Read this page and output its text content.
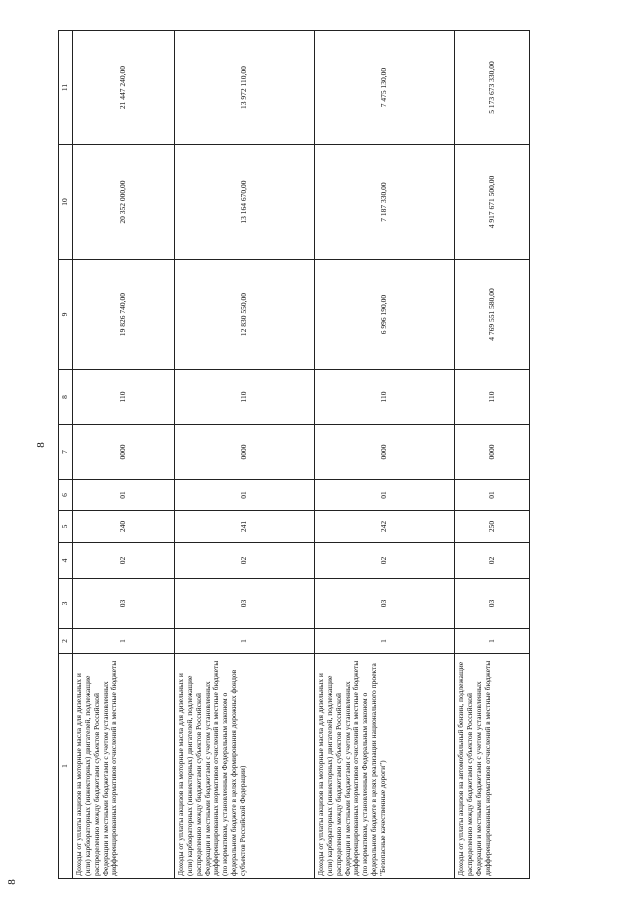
8
8
1	2	3	4	5	6	7	8	9	10	11
Доходы от уплаты акцизов на моторные масла для дизельных и (или) карбюраторных (инжекторных) двигателей, подлежащие распределению между бюджетами субъектов Российской Федерации и местными бюджетами с учетом установленных дифференцированных нормативов отчислений в местные бюджеты	1	03	02	240	01	0000	110	19 826 740,00	20 352 000,00	21 447 240,00
Доходы от уплаты акцизов на моторные масла для дизельных и (или) карбюраторных (инжекторных) двигателей, подлежащие распределению между бюджетами субъектов Российской Федерации и местными бюджетами с учетом установленных дифференцированных нормативов отчислений в местные бюджеты (по нормативам, установленным Федеральным законом о федеральном бюджете в целях формирования дорожных фондов субъектов Российской Федерации)	1	03	02	241	01	0000	110	12 830 550,00	13 164 670,00	13 972 110,00
Доходы от уплаты акцизов на моторные масла для дизельных и (или) карбюраторных (инжекторных) двигателей, подлежащие распределению между бюджетами субъектов Российской Федерации и местными бюджетами с учетом установленных дифференцированных нормативов отчислений в местные бюджеты (по нормативам, установленным Федеральным законом о федеральном бюджете в целях реализации национального проекта "Безопасные качественные дороги")	1	03	02	242	01	0000	110	6 996 190,00	7 187 330,00	7 475 130,00
Доходы от уплаты акцизов на автомобильный бензин, подлежащие распределению между бюджетами субъектов Российской Федерации и местными бюджетами с учетом установленных дифференцированных нормативов отчислений в местные бюджеты	1	03	02	250	01	0000	110	4 769 551 580,00	4 917 671 500,00	5 173 673 330,00
